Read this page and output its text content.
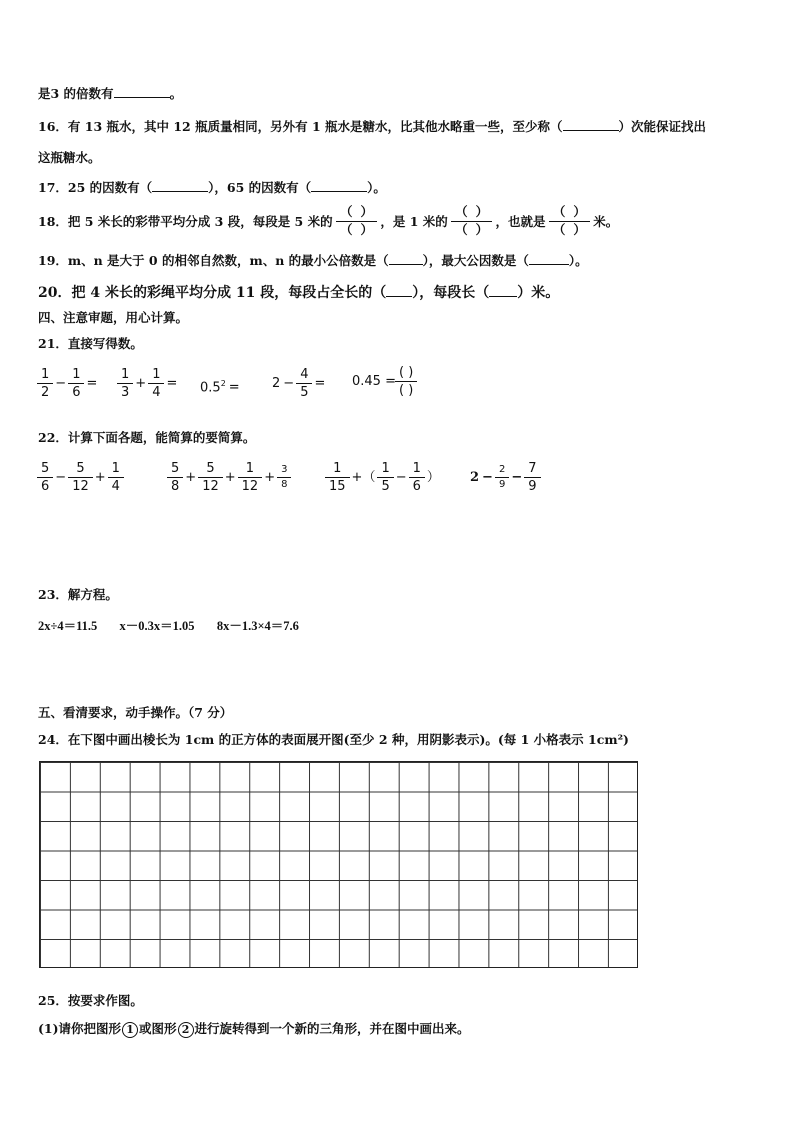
是3 的倍数有	。
16．有 13 瓶水，其中 12 瓶质量相同，另外有 1 瓶水是糖水，比其他水略重一些，至少称（	）次能保证找出
这瓶糖水。
17．25 的因数有（	），65 的因数有（	）。
18．把 5 米长的彩带平均分成 3 段，每段是 5 米的 $\frac{( )}{( )}$ ，是 1 米的 $\frac{( )}{( )}$ ，也就是 $\frac{( )}{( )}$ 米。
19．m、n 是大于 0 的相邻自然数，m、n 的最小公倍数是（	），最大公因数是（	）。
20．把 4 米长的彩绳平均分成 11 段，每段占全长的（ ），每段长（ ）米。
四、注意审题，用心计算。
21．直接写得数。
$\frac{1}{2} - \frac{1}{6} = \frac{1}{3} + \frac{1}{4} = 0.5^2 = 2 - \frac{4}{5} = 0.45 = \frac{( )}{( )}$
22．计算下面各题，能简算的要简算。
$\frac{5}{6} - \frac{5}{12} + \frac{1}{4}$	$\frac{5}{8} + \frac{5}{12} + \frac{1}{12} + \frac{3}{8}$	$\frac{1}{15}$ +（ $\frac{1}{5} - \frac{1}{6}$ ） $2 - \frac{2}{9} - \frac{7}{9}$
23．解方程。
2x÷4＝11.5 x－0.3x＝1.05 8x－1.3×4＝7.6
五、看清要求，动手操作。（7 分）
24．在下图中画出棱长为 1cm 的正方体的表面展开图(至少 2 种，用阴影表示)。(每 1 小格表示 1cm²)
25．按要求作图。
(1)请你把图形 1 或图形 2 进行旋转得到一个新的三角形，并在图中画出来。
